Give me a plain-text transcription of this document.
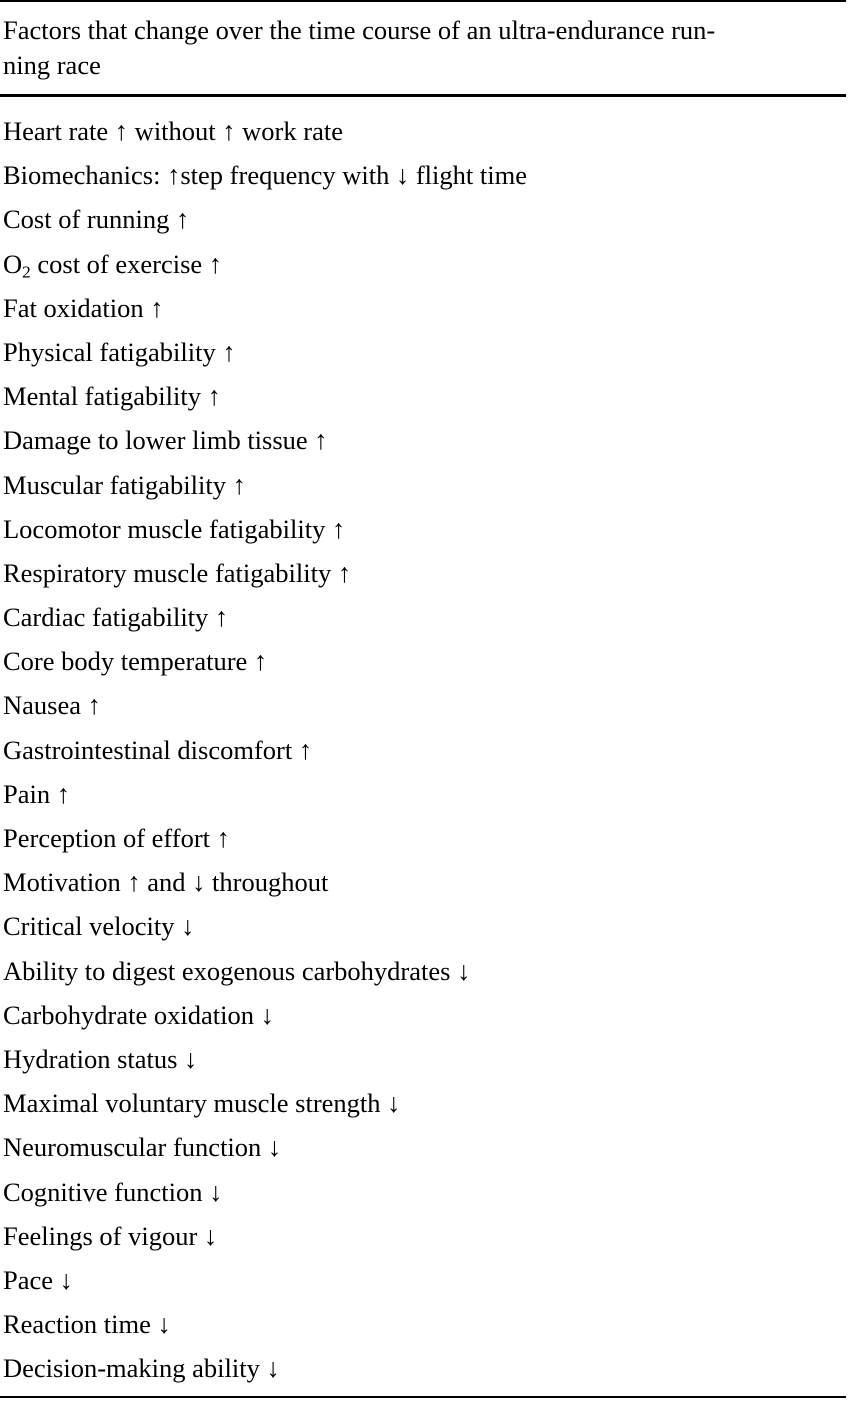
Factors that change over the time course of an ultra-endurance run-
ning race
Heart rate ↑ without ↑ work rate
Biomechanics: ↑step frequency with ↓ flight time
Cost of running ↑
$O_2$ cost of exercise ↑
Fat oxidation ↑
Physical fatigability ↑
Mental fatigability ↑
Damage to lower limb tissue ↑
Muscular fatigability ↑
Locomotor muscle fatigability ↑
Respiratory muscle fatigability ↑
Cardiac fatigability ↑
Core body temperature ↑
Nausea ↑
Gastrointestinal discomfort ↑
Pain ↑
Perception of effort ↑
Motivation ↑ and ↓ throughout
Critical velocity ↓
Ability to digest exogenous carbohydrates ↓
Carbohydrate oxidation ↓
Hydration status ↓
Maximal voluntary muscle strength ↓
Neuromuscular function ↓
Cognitive function ↓
Feelings of vigour ↓
Pace ↓
Reaction time ↓
Decision-making ability ↓
